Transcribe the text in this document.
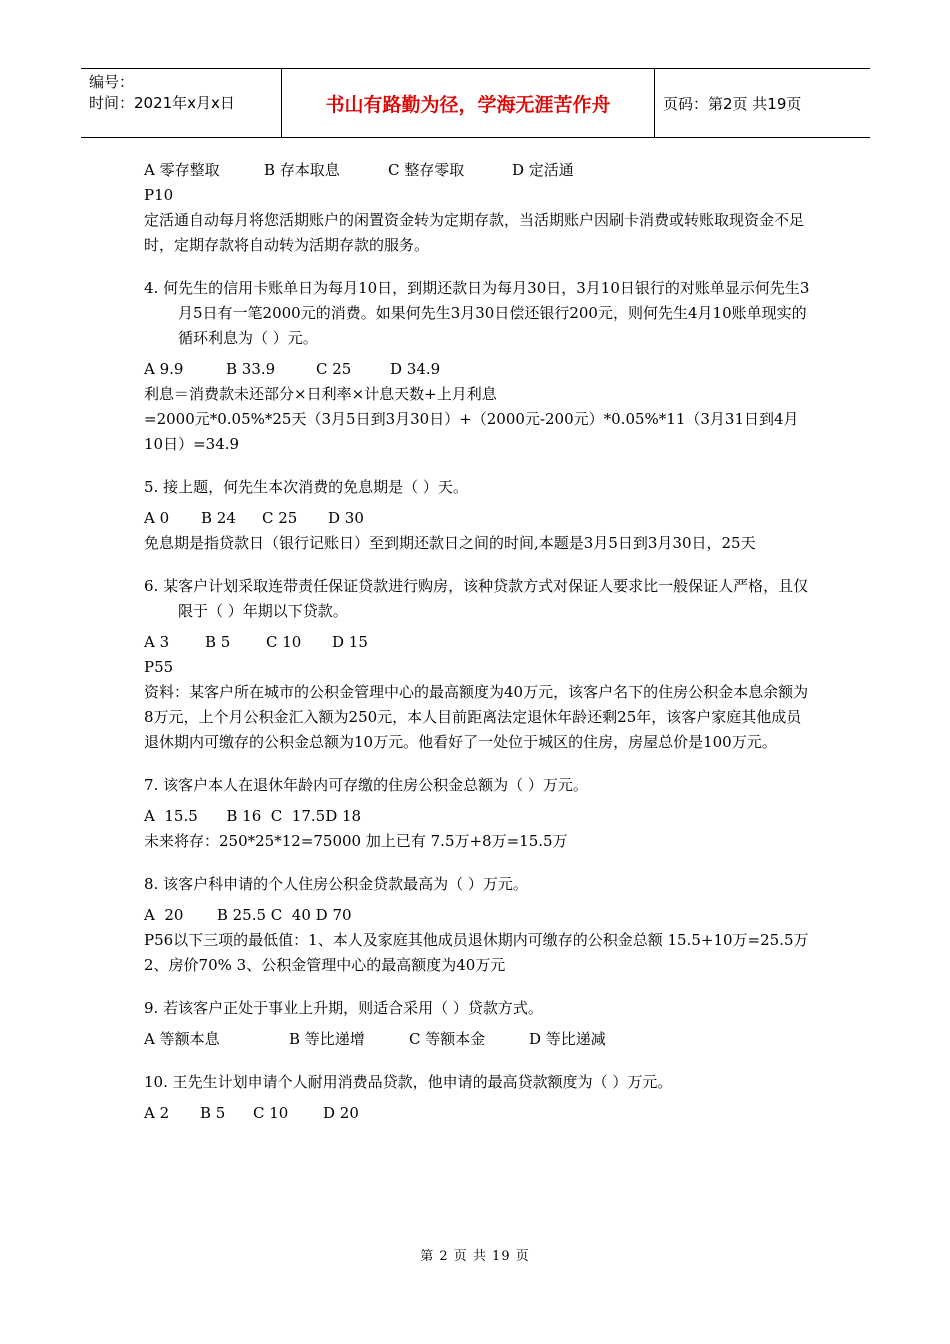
编号：
时间：2021年x月x日	书山有路勤为径，学海无涯苦作舟	页码：第2页 共19页

A 零存整取	B 存本取息	C 整存零取	D 定活通

P10

定活通自动每月将您活期账户的闲置资金转为定期存款，当活期账户因刷卡消费或转账取现资金不足时，定期存款将自动转为活期存款的服务。

4. 何先生的信用卡账单日为每月10日，到期还款日为每月30日，3月10日银行的对账单显示何先生3月5日有一笔2000元的消费。如果何先生3月30日偿还银行200元，则何先生4月10账单现实的循环利息为（ ）元。

A 9.9	B 33.9	C 25	D 34.9

利息＝消费款未还部分×日利率×计息天数+上月利息

=2000元*0.05%*25天（3月5日到3月30日）+（2000元-200元）*0.05%*11（3月31日到4月10日）=34.9

5. 接上题，何先生本次消费的免息期是（ ）天。

A 0 B 24 C 25 D 30

免息期是指贷款日（银行记账日）至到期还款日之间的时间,本题是3月5日到3月30日，25天

6. 某客户计划采取连带责任保证贷款进行购房，该种贷款方式对保证人要求比一般保证人严格，且仅限于（ ）年期以下贷款。

A 3 B 5 C 10 D 15

P55

资料：某客户所在城市的公积金管理中心的最高额度为40万元，该客户名下的住房公积金本息余额为8万元，上个月公积金汇入额为250元，本人目前距离法定退休年龄还剩25年，该客户家庭其他成员退休期内可缴存的公积金总额为10万元。他看好了一处位于城区的住房，房屋总价是100万元。

7. 该客户本人在退休年龄内可存缴的住房公积金总额为（ ）万元。

A  15.5      B 16  C  17.5D 18

未来将存：250*25*12=75000 加上已有 7.5万+8万=15.5万

8. 该客户科申请的个人住房公积金贷款最高为（ ）万元。

A  20       B 25.5 C  40 D 70

P56以下三项的最低值：1、本人及家庭其他成员退休期内可缴存的公积金总额 15.5+10万=25.5万 2、房价70% 3、公积金管理中心的最高额度为40万元

9. 若该客户正处于事业上升期，则适合采用（ ）贷款方式。

A 等额本息	B 等比递增	C 等额本金	D 等比递减

10. 王先生计划申请个人耐用消费品贷款，他申请的最高贷款额度为（ ）万元。

A 2 B 5 C 10 D 20

第 2 页 共 19 页
